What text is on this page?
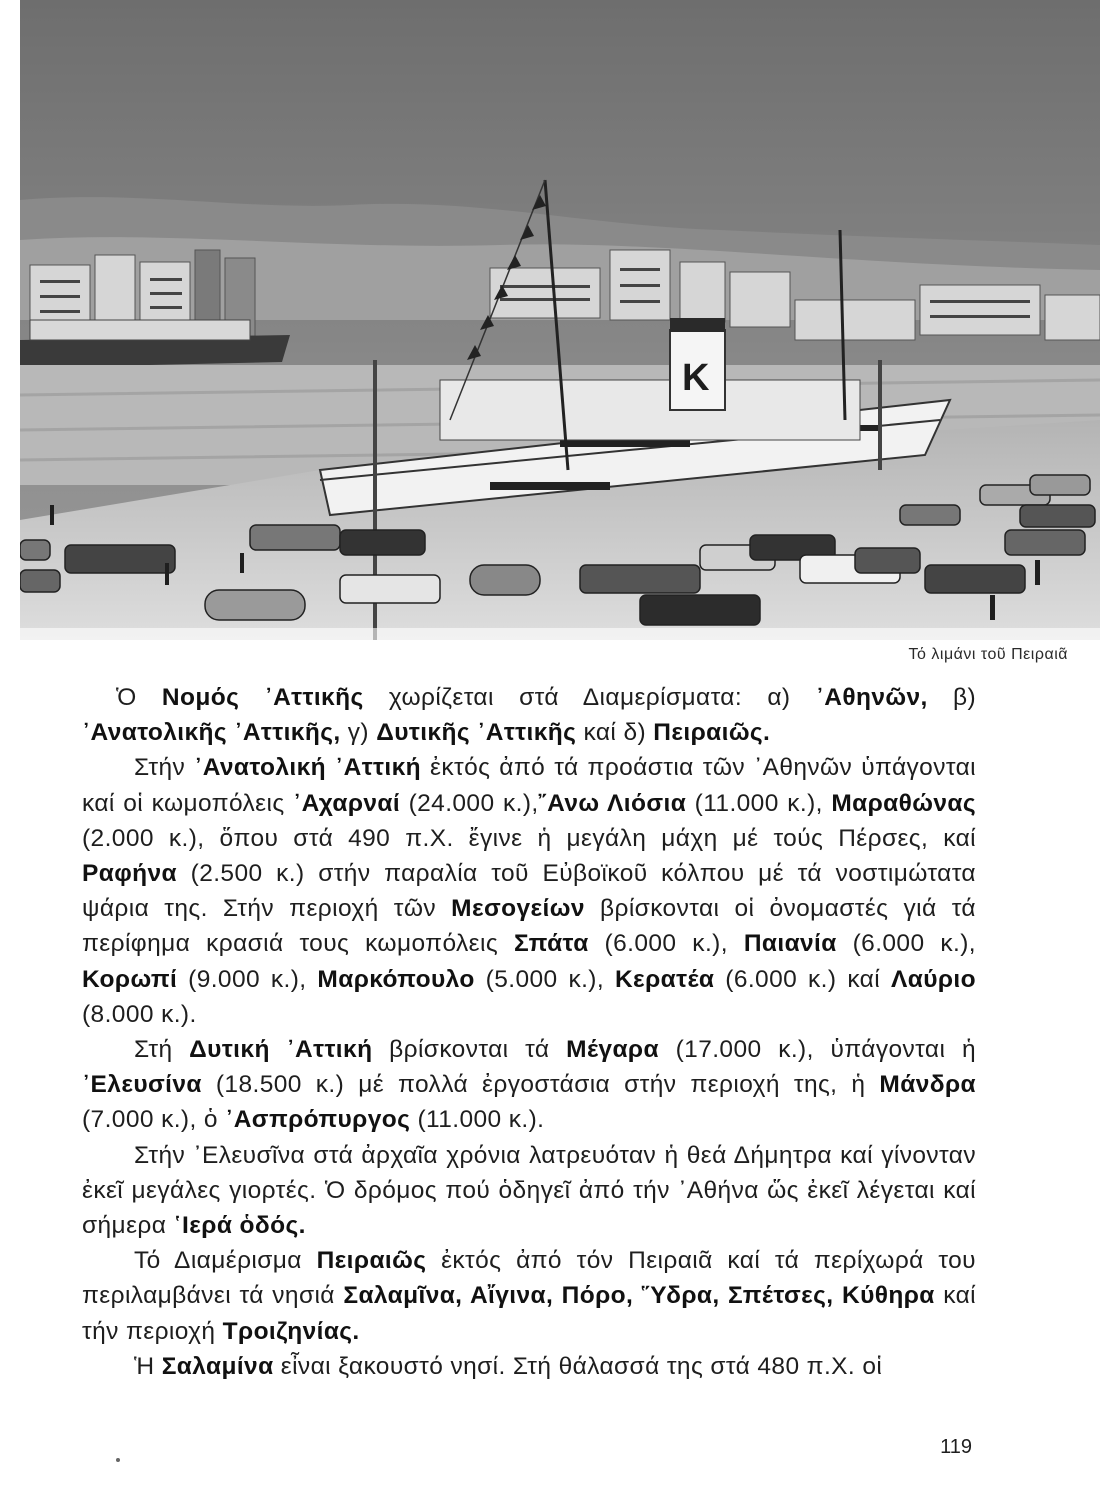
K
Τό λιμάνι τοῦ Πειραιᾶ

Ὁ Νομός ᾿Αττικῆς χωρίζεται στά Διαμερίσματα: α) ᾿Αθηνῶν, β) ᾿Ανατολικῆς ᾿Αττικῆς, γ) Δυτικῆς ᾿Αττικῆς καί δ) Πειραιῶς.

Στήν ᾿Ανατολική ᾿Αττική ἐκτός ἀπό τά προάστια τῶν ᾿Αθηνῶν ὑπάγονται καί οἱ κωμοπόλεις ᾿Αχαρναί (24.000 κ.),῎Ανω Λιόσια (11.000 κ.), Μαραθώνας (2.000 κ.), ὅπου στά 490 π.Χ. ἔγινε ἡ μεγάλη μάχη μέ τούς Πέρσες, καί Ραφήνα (2.500 κ.) στήν παραλία τοῦ Εὐβοϊκοῦ κόλπου μέ τά νοστιμώτατα ψάρια της. Στήν περιοχή τῶν Μεσογείων βρίσκονται οἱ ὀνομαστές γιά τά περίφημα κρασιά τους κωμοπόλεις Σπάτα (6.000 κ.), Παιανία (6.000 κ.), Κορωπί (9.000 κ.), Μαρκόπουλο (5.000 κ.), Κερατέα (6.000 κ.) καί Λαύριο (8.000 κ.).

Στή Δυτική ᾿Αττική βρίσκονται τά Μέγαρα (17.000 κ.), ὑπάγονται ἡ ᾿Ελευσίνα (18.500 κ.) μέ πολλά ἐργοστάσια στήν περιοχή της, ἡ Μάνδρα (7.000 κ.), ὁ ᾿Ασπρόπυργος (11.000 κ.).

Στήν ᾿Ελευσῖνα στά ἀρχαῖα χρόνια λατρευόταν ἡ θεά Δήμητρα καί γίνονταν ἐκεῖ μεγάλες γιορτές. Ὁ δρόμος πού ὁδηγεῖ ἀπό τήν ᾿Αθήνα ὥς ἐκεῖ λέγεται καί σήμερα ῾Ιερά ὁδός.

Τό Διαμέρισμα Πειραιῶς ἐκτός ἀπό τόν Πειραιᾶ καί τά περίχωρά του περιλαμβάνει τά νησιά Σαλαμῖνα, Αἴγινα, Πόρο, ῞Υδρα, Σπέτσες, Κύθηρα καί τήν περιοχή Τροιζηνίας.

Ἡ Σαλαμίνα εἶναι ξακουστό νησί. Στή θάλασσά της στά 480 π.Χ. οἱ

119
